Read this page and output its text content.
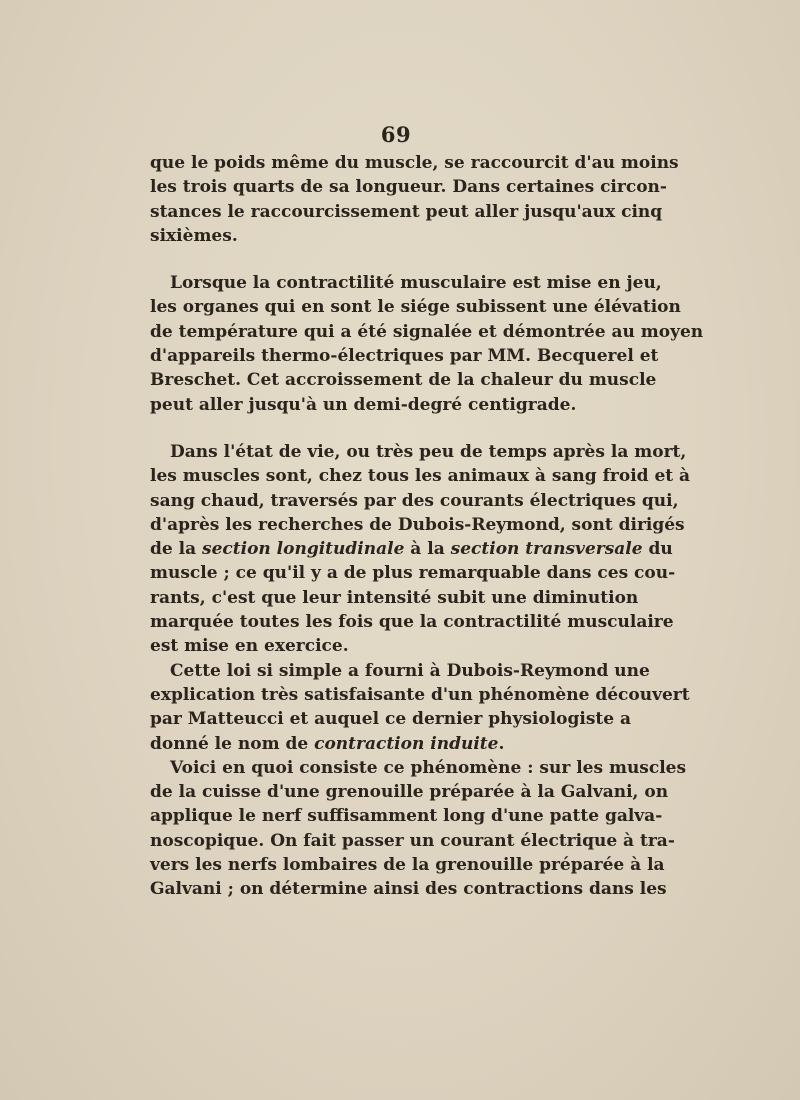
69
que le poids même du muscle, se raccourcit d'au moins
les trois quarts de sa longueur. Dans certaines circon-
stances le raccourcissement peut aller jusqu'aux cinq
sixièmes.
Lorsque la contractilité musculaire est mise en jeu,
les organes qui en sont le siége subissent une élévation
de température qui a été signalée et démontrée au moyen
d'appareils thermo-électriques par MM. Becquerel et
Breschet. Cet accroissement de la chaleur du muscle
peut aller jusqu'à un demi-degré centigrade.
Dans l'état de vie, ou très peu de temps après la mort,
les muscles sont, chez tous les animaux à sang froid et à
sang chaud, traversés par des courants électriques qui,
d'après les recherches de Dubois-Reymond, sont dirigés
de la section longitudinale à la section transversale du
muscle ; ce qu'il y a de plus remarquable dans ces cou-
rants, c'est que leur intensité subit une diminution
marquée toutes les fois que la contractilité musculaire
est mise en exercice.
Cette loi si simple a fourni à Dubois-Reymond une
explication très satisfaisante d'un phénomène découvert
par Matteucci et auquel ce dernier physiologiste a
donné le nom de contraction induite.
Voici en quoi consiste ce phénomène : sur les muscles
de la cuisse d'une grenouille préparée à la Galvani, on
applique le nerf suffisamment long d'une patte galva-
noscopique. On fait passer un courant électrique à tra-
vers les nerfs lombaires de la grenouille préparée à la
Galvani ; on détermine ainsi des contractions dans les
